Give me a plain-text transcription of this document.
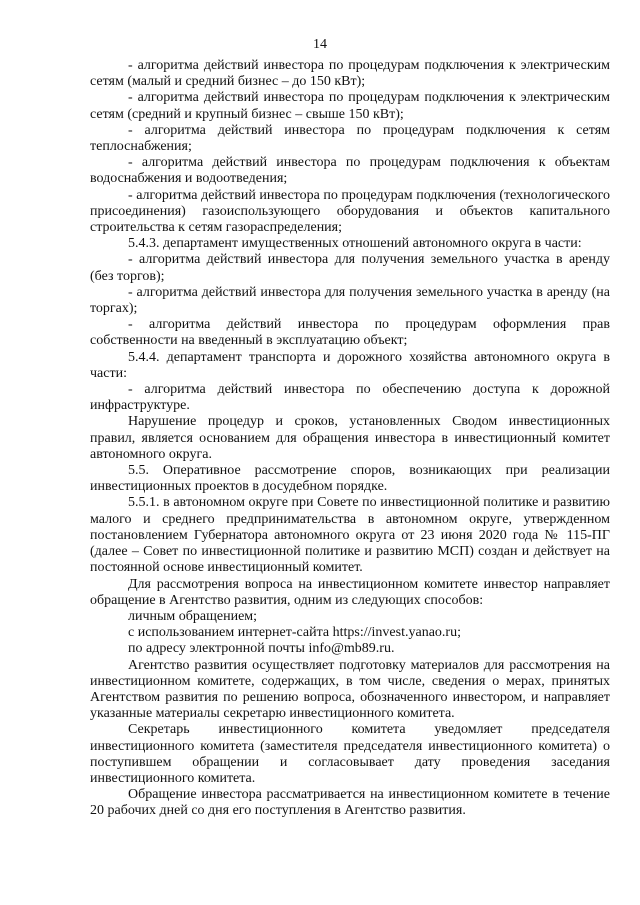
14

- алгоритма действий инвестора по процедурам подключения к электрическим сетям (малый и средний бизнес – до 150 кВт);

- алгоритма действий инвестора по процедурам подключения к электрическим сетям (средний и крупный бизнес – свыше 150 кВт);

- алгоритма действий инвестора по процедурам подключения к сетям теплоснабжения;

- алгоритма действий инвестора по процедурам подключения к объектам водоснабжения и водоотведения;

- алгоритма действий инвестора по процедурам подключения (технологического присоединения) газоиспользующего оборудования и объектов капитального строительства к сетям газораспределения;

5.4.3. департамент имущественных отношений автономного округа в части:

- алгоритма действий инвестора для получения земельного участка в аренду (без торгов);

- алгоритма действий инвестора для получения земельного участка в аренду (на торгах);

- алгоритма действий инвестора по процедурам оформления прав собственности на введенный в эксплуатацию объект;

5.4.4. департамент транспорта и дорожного хозяйства автономного округа в части:

- алгоритма действий инвестора по обеспечению доступа к дорожной инфраструктуре.

Нарушение процедур и сроков, установленных Сводом инвестиционных правил, является основанием для обращения инвестора в инвестиционный комитет автономного округа.

5.5. Оперативное рассмотрение споров, возникающих при реализации инвестиционных проектов в досудебном порядке.

5.5.1. в автономном округе при Совете по инвестиционной политике и развитию малого и среднего предпринимательства в автономном округе, утвержденном постановлением Губернатора автономного округа от 23 июня 2020 года № 115-ПГ (далее – Совет по инвестиционной политике и развитию МСП) создан и действует на постоянной основе инвестиционный комитет.

Для рассмотрения вопроса на инвестиционном комитете инвестор направляет обращение в Агентство развития, одним из следующих способов:

личным обращением;

с использованием интернет-сайта https://invest.yanao.ru;

по адресу электронной почты info@mb89.ru.

Агентство развития осуществляет подготовку материалов для рассмотрения на инвестиционном комитете, содержащих, в том числе, сведения о мерах, принятых Агентством развития по решению вопроса, обозначенного инвестором, и направляет указанные материалы секретарю инвестиционного комитета.

Секретарь инвестиционного комитета уведомляет председателя инвестиционного комитета (заместителя председателя инвестиционного комитета) о поступившем обращении и согласовывает дату проведения заседания инвестиционного комитета.

Обращение инвестора рассматривается на инвестиционном комитете в течение 20 рабочих дней со дня его поступления в Агентство развития.
